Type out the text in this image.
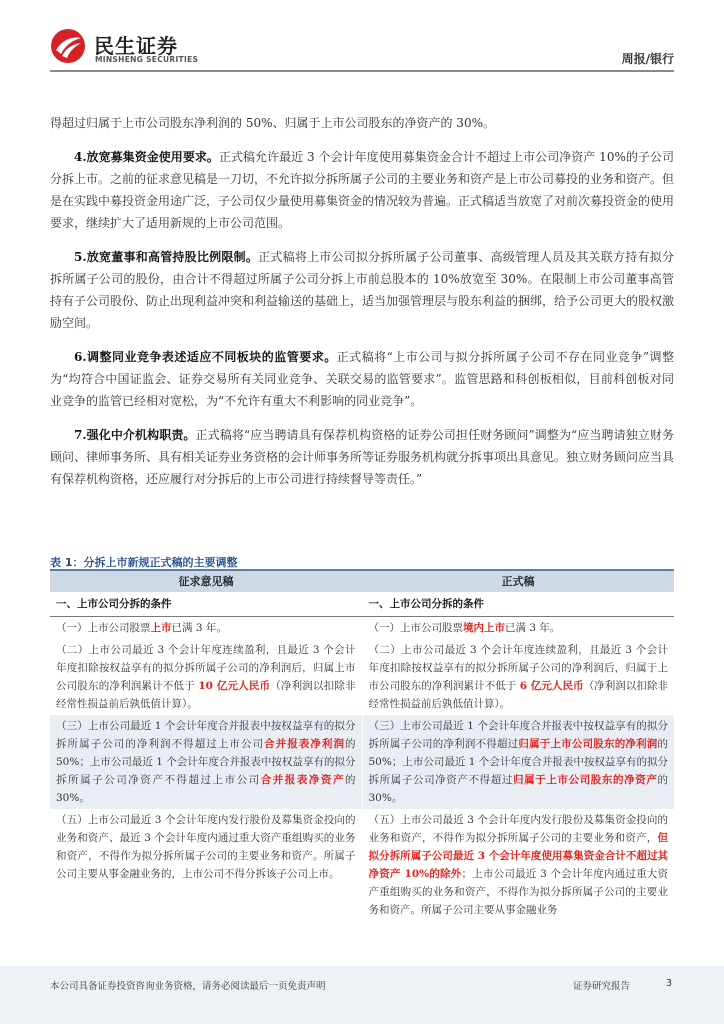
民生证券
MINSHENG SECURITIES	周报/银行

得超过归属于上市公司股东净利润的 50%、归属于上市公司股东的净资产的 30%。

4.放宽募集资金使用要求。正式稿允许最近 3 个会计年度使用募集资金合计不超过上市公司净资产 10%的子公司分拆上市。之前的征求意见稿是一刀切，不允许拟分拆所属子公司的主要业务和资产是上市公司募投的业务和资产。但是在实践中募投资金用途广泛，子公司仅少量使用募集资金的情况较为普遍。正式稿适当放宽了对前次募投资金的使用要求，继续扩大了适用新规的上市公司范围。

5.放宽董事和高管持股比例限制。正式稿将上市公司拟分拆所属子公司董事、高级管理人员及其关联方持有拟分拆所属子公司的股份，由合计不得超过所属子公司分拆上市前总股本的 10%放宽至 30%。在限制上市公司董事高管持有子公司股份、防止出现利益冲突和利益输送的基础上，适当加强管理层与股东利益的捆绑，给予公司更大的股权激励空间。

6.调整同业竞争表述适应不同板块的监管要求。正式稿将“上市公司与拟分拆所属子公司不存在同业竞争”调整为“均符合中国证监会、证券交易所有关同业竞争、关联交易的监管要求”。监管思路和科创板相似，目前科创板对同业竞争的监管已经相对宽松，为“不允许有重大不利影响的同业竞争”。

7.强化中介机构职责。正式稿将“应当聘请具有保荐机构资格的证券公司担任财务顾问”调整为“应当聘请独立财务顾问、律师事务所、具有相关证券业务资格的会计师事务所等证券服务机构就分拆事项出具意见。独立财务顾问应当具有保荐机构资格，还应履行对分拆后的上市公司进行持续督导等责任。”

表 1：分拆上市新规正式稿的主要调整
征求意见稿	正式稿
一、上市公司分拆的条件	一、上市公司分拆的条件
（一）上市公司股票上市已满 3 年。	（一）上市公司股票境内上市已满 3 年。
（二）上市公司最近 3 个会计年度连续盈利，且最近 3 个会计年度扣除按权益享有的拟分拆所属子公司的净利润后，归属上市公司股东的净利润累计不低于 10 亿元人民币（净利润以扣除非经常性损益前后孰低值计算）。	（二）上市公司最近 3 个会计年度连续盈利，且最近 3 个会计年度扣除按权益享有的拟分拆所属子公司的净利润后，归属于上市公司股东的净利润累计不低于 6 亿元人民币（净利润以扣除非经常性损益前后孰低值计算）。
（三）上市公司最近 1 个会计年度合并报表中按权益享有的拟分拆所属子公司的净利润不得超过上市公司合并报表净利润的 50%；上市公司最近 1 个会计年度合并报表中按权益享有的拟分拆所属子公司净资产不得超过上市公司合并报表净资产的 30%。	（三）上市公司最近 1 个会计年度合并报表中按权益享有的拟分拆所属子公司的净利润不得超过归属于上市公司股东的净利润的 50%；上市公司最近 1 个会计年度合并报表中按权益享有的拟分拆所属子公司净资产不得超过归属于上市公司股东的净资产的 30%。
（五）上市公司最近 3 个会计年度内发行股份及募集资金投向的业务和资产、最近 3 个会计年度内通过重大资产重组购买的业务和资产，不得作为拟分拆所属子公司的主要业务和资产。所属子公司主要从事金融业务的，上市公司不得分拆该子公司上市。	（五）上市公司最近 3 个会计年度内发行股份及募集资金投向的业务和资产，不得作为拟分拆所属子公司的主要业务和资产，但拟分拆所属子公司最近 3 个会计年度使用募集资金合计不超过其净资产 10%的除外；上市公司最近 3 个会计年度内通过重大资产重组购买的业务和资产，不得作为拟分拆所属子公司的主要业务和资产。所属子公司主要从事金融业务
本公司具备证券投资咨询业务资格，请务必阅读最后一页免责声明	证券研究报告	3
